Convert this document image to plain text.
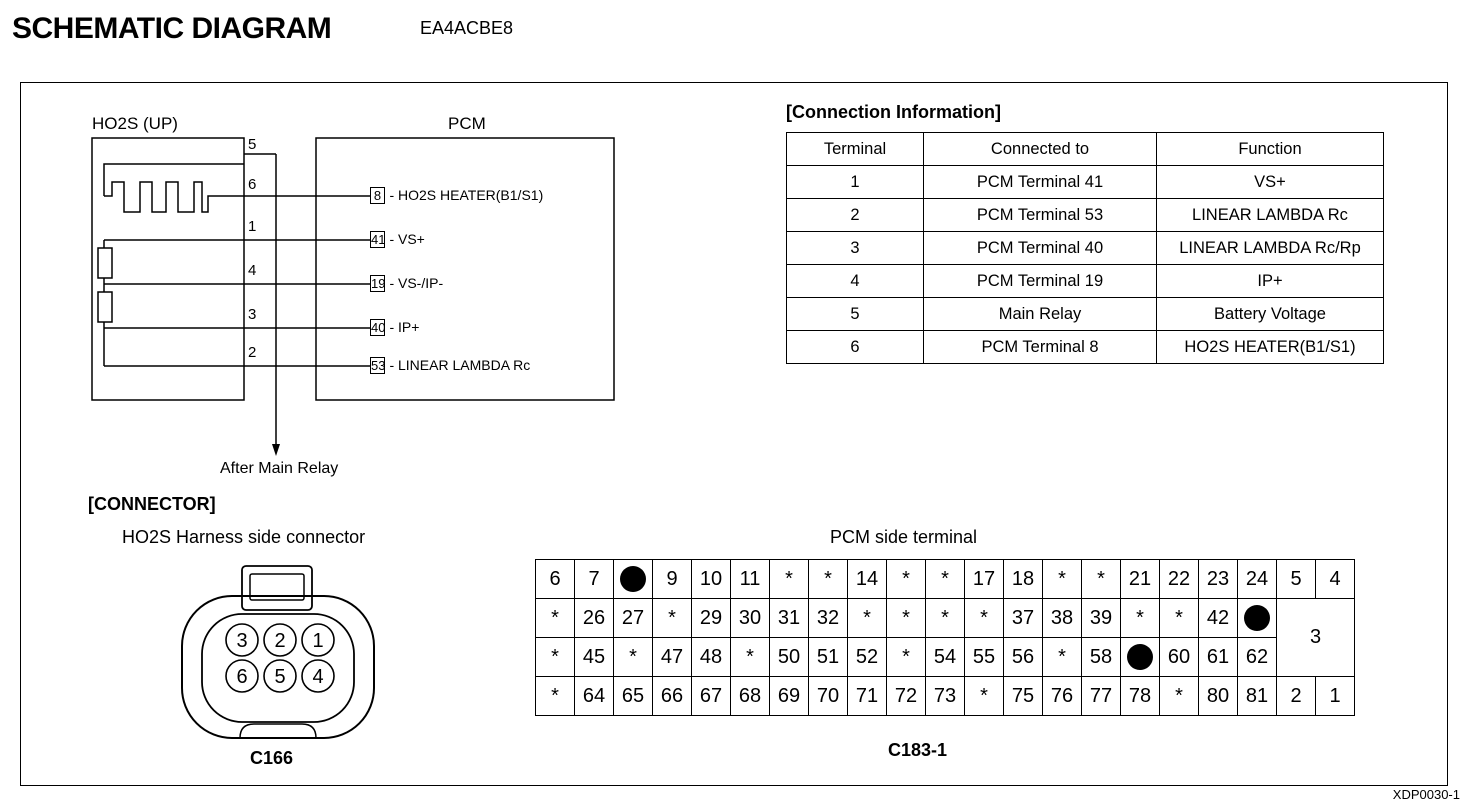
SCHEMATIC DIAGRAM	EA4ACBE8
HO2S (UP)	PCM
5
6
1
4
3
2
8 - HO2S HEATER(B1/S1)
41 - VS+
19 - VS-/IP-
40 - IP+
53 - LINEAR LAMBDA Rc
After Main Relay
[Connection Information]
Terminal	Connected to	Function
1	PCM Terminal 41	VS+
2	PCM Terminal 53	LINEAR LAMBDA Rc
3	PCM Terminal 40	LINEAR LAMBDA Rc/Rp
4	PCM Terminal 19	IP+
5	Main Relay	Battery Voltage
6	PCM Terminal 8	HO2S HEATER(B1/S1)
[CONNECTOR]
HO2S Harness side connector
3 2 1
6 5 4
C166
PCM side terminal
6	7		9	10	11	*	*	14	*	*	17	18	*	*	21	22	23	24	5	4
*	26	27	*	29	30	31	32	*	*	*	*	37	38	39	*	*	42		3	
*	45	*	47	48	*	50	51	52	*	54	55	56	*	58		60	61	62		
*	64	65	66	67	68	69	70	71	72	73	*	75	76	77	78	*	80	81	2	1
C183-1
XDP0030-1
